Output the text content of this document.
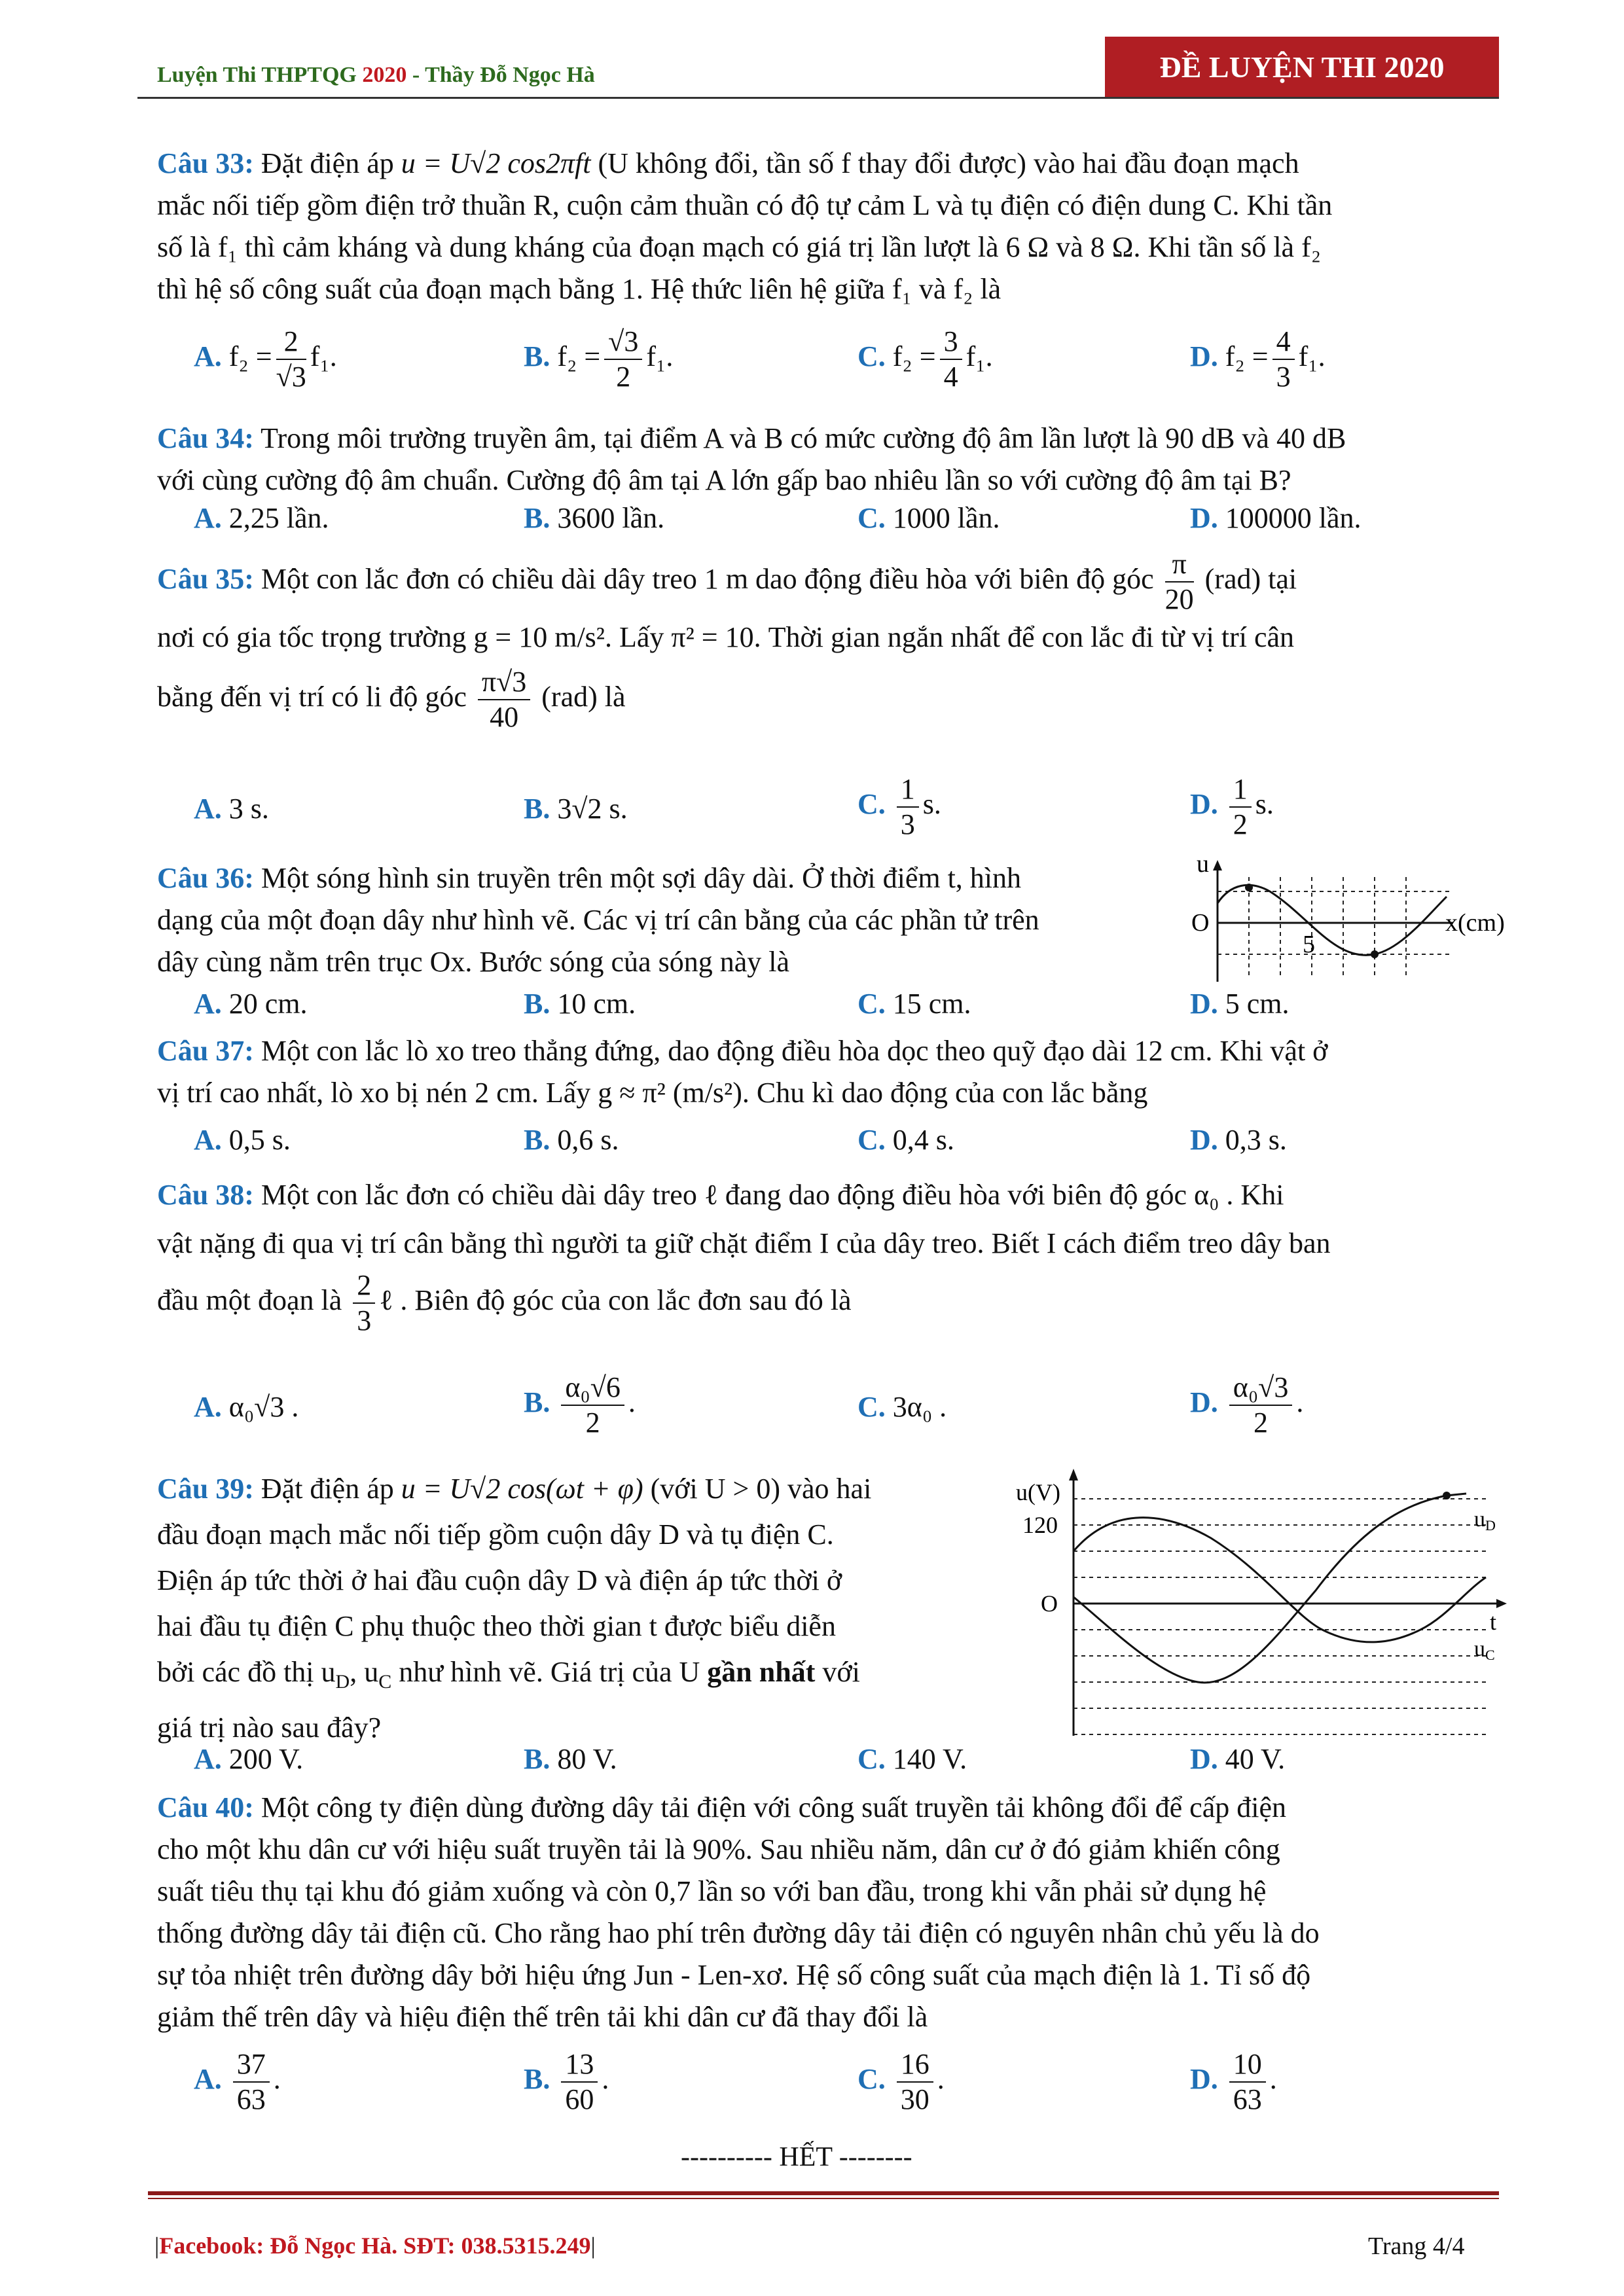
Luyện Thi THPTQG 2020 - Thầy Đỗ Ngọc Hà	ĐỀ LUYỆN THI 2020
Câu 33: Đặt điện áp u = U√2 cos2πft (U không đổi, tần số f thay đổi được) vào hai đầu đoạn mạch
mắc nối tiếp gồm điện trở thuần R, cuộn cảm thuần có độ tự cảm L và tụ điện có điện dung C. Khi tần
số là f₁ thì cảm kháng và dung kháng của đoạn mạch có giá trị lần lượt là 6 Ω và 8 Ω. Khi tần số là f₂
thì hệ số công suất của đoạn mạch bằng 1. Hệ thức liên hệ giữa f₁ và f₂ là
A. $f_2 = \frac{2}{√3} f_1$.	B. $f_2 = \frac{√3}{2} f_1$.	C. $f_2 = \frac{3}{4} f_1$.	D. $f_2 = \frac{4}{3} f_1$.
Câu 34: Trong môi trường truyền âm, tại điểm A và B có mức cường độ âm lần lượt là 90 dB và 40 dB
với cùng cường độ âm chuẩn. Cường độ âm tại A lớn gấp bao nhiêu lần so với cường độ âm tại B?
A. 2,25 lần.	B. 3600 lần.	C. 1000 lần.	D. 100000 lần.
Câu 35: Một con lắc đơn có chiều dài dây treo 1 m dao động điều hòa với biên độ góc $\frac{\pi}{20} (rad)$ tại
nơi có gia tốc trọng trường g = 10 m/s². Lấy π² = 10. Thời gian ngắn nhất để con lắc đi từ vị trí cân
bằng đến vị trí có li độ góc $\frac{\pi√3}{40} (rad)$ là
A. 3 s.	B. 3√2 s.	C. $\frac{1}{3} s$.	D. $\frac{1}{2} s$.
Câu 36: Một sóng hình sin truyền trên một sợi dây dài. Ở thời điểm t, hình
dạng của một đoạn dây như hình vẽ. Các vị trí cân bằng của các phần tử trên
dây cùng nằm trên trục Ox. Bước sóng của sóng này là
u
O
5
x(cm)
A. 20 cm.	B. 10 cm.	C. 15 cm.	D. 5 cm.
Câu 37: Một con lắc lò xo treo thẳng đứng, dao động điều hòa dọc theo quỹ đạo dài 12 cm. Khi vật ở
vị trí cao nhất, lò xo bị nén 2 cm. Lấy g ≈ π² (m/s²). Chu kì dao động của con lắc bằng
A. 0,5 s.	B. 0,6 s.	C. 0,4 s.	D. 0,3 s.
Câu 38: Một con lắc đơn có chiều dài dây treo ℓ đang dao động điều hòa với biên độ góc α₀ . Khi
vật nặng đi qua vị trí cân bằng thì người ta giữ chặt điểm I của dây treo. Biết I cách điểm treo dây ban
đầu một đoạn là $\frac{2}{3}$ ℓ . Biên độ góc của con lắc đơn sau đó là
A. α₀√3 .	B. $\frac{\text{α₀√6}}{2}$ .	C. 3α₀ .	D. $\frac{\text{α₀√3}}{2}$ .
Câu 39: Đặt điện áp u = U√2 cos(ωt + φ) (với U > 0) vào hai
đầu đoạn mạch mắc nối tiếp gồm cuộn dây D và tụ điện C.
Điện áp tức thời ở hai đầu cuộn dây D và điện áp tức thời ở
hai đầu tụ điện C phụ thuộc theo thời gian t được biểu diễn
bởi các đồ thị $u_D$, $u_C$ như hình vẽ. Giá trị của U gần nhất với
giá trị nào sau đây?
u(V)
120
O
t
uD
uC
A. 200 V.	B. 80 V.	C. 140 V.	D. 40 V.
Câu 40: Một công ty điện dùng đường dây tải điện với công suất truyền tải không đổi để cấp điện
cho một khu dân cư với hiệu suất truyền tải là 90%. Sau nhiều năm, dân cư ở đó giảm khiến công
suất tiêu thụ tại khu đó giảm xuống và còn 0,7 lần so với ban đầu, trong khi vẫn phải sử dụng hệ
thống đường dây tải điện cũ. Cho rằng hao phí trên đường dây tải điện có nguyên nhân chủ yếu là do
sự tỏa nhiệt trên đường dây bởi hiệu ứng Jun - Len-xơ. Hệ số công suất của mạch điện là 1. Tỉ số độ
giảm thế trên dây và hiệu điện thế trên tải khi dân cư đã thay đổi là
A. $\frac{37}{63}$ .	B. $\frac{13}{60}$ .	C. $\frac{16}{30}$ .	D. $\frac{10}{63}$ .
---------- HẾT --------
|Facebook: Đỗ Ngọc Hà. SĐT: 038.5315.249|	Trang 4/4
